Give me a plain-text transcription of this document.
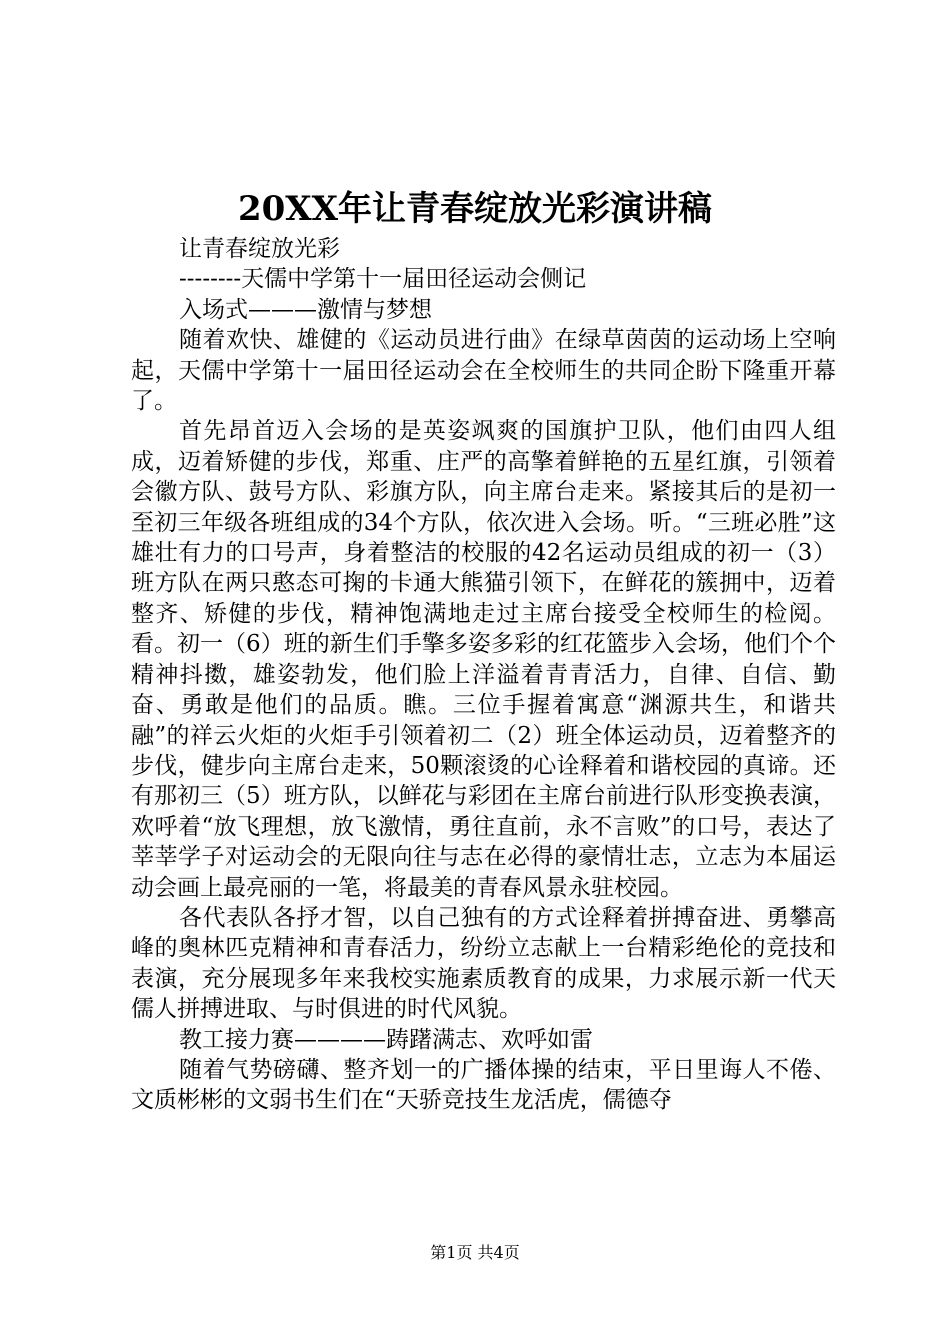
20XX年让青春绽放光彩演讲稿

让青春绽放光彩

--------天儒中学第十一届田径运动会侧记

入场式———激情与梦想

随着欢快、雄健的《运动员进行曲》在绿草茵茵的运动场上空响起，天儒中学第十一届田径运动会在全校师生的共同企盼下隆重开幕了。

首先昂首迈入会场的是英姿飒爽的国旗护卫队，他们由四人组成，迈着矫健的步伐，郑重、庄严的高擎着鲜艳的五星红旗，引领着会徽方队、鼓号方队、彩旗方队，向主席台走来。紧接其后的是初一至初三年级各班组成的34个方队，依次进入会场。听。“三班必胜”这雄壮有力的口号声，身着整洁的校服的42名运动员组成的初一（3）班方队在两只憨态可掬的卡通大熊猫引领下，在鲜花的簇拥中，迈着整齐、矫健的步伐，精神饱满地走过主席台接受全校师生的检阅。看。初一（6）班的新生们手擎多姿多彩的红花篮步入会场，他们个个精神抖擞，雄姿勃发，他们脸上洋溢着青青活力，自律、自信、勤奋、勇敢是他们的品质。瞧。三位手握着寓意“渊源共生，和谐共融”的祥云火炬的火炬手引领着初二（2）班全体运动员，迈着整齐的步伐，健步向主席台走来，50颗滚烫的心诠释着和谐校园的真谛。还有那初三（5）班方队，以鲜花与彩团在主席台前进行队形变换表演，欢呼着“放飞理想，放飞激情，勇往直前，永不言败”的口号，表达了莘莘学子对运动会的无限向往与志在必得的豪情壮志，立志为本届运动会画上最亮丽的一笔，将最美的青春风景永驻校园。

各代表队各抒才智，以自己独有的方式诠释着拼搏奋进、勇攀高峰的奥林匹克精神和青春活力，纷纷立志献上一台精彩绝伦的竞技和表演，充分展现多年来我校实施素质教育的成果，力求展示新一代天儒人拼搏进取、与时俱进的时代风貌。

教工接力赛————踌躇满志、欢呼如雷

随着气势磅礴、整齐划一的广播体操的结束，平日里诲人不倦、文质彬彬的文弱书生们在“天骄竞技生龙活虎，儒德夺

第1页 共4页
